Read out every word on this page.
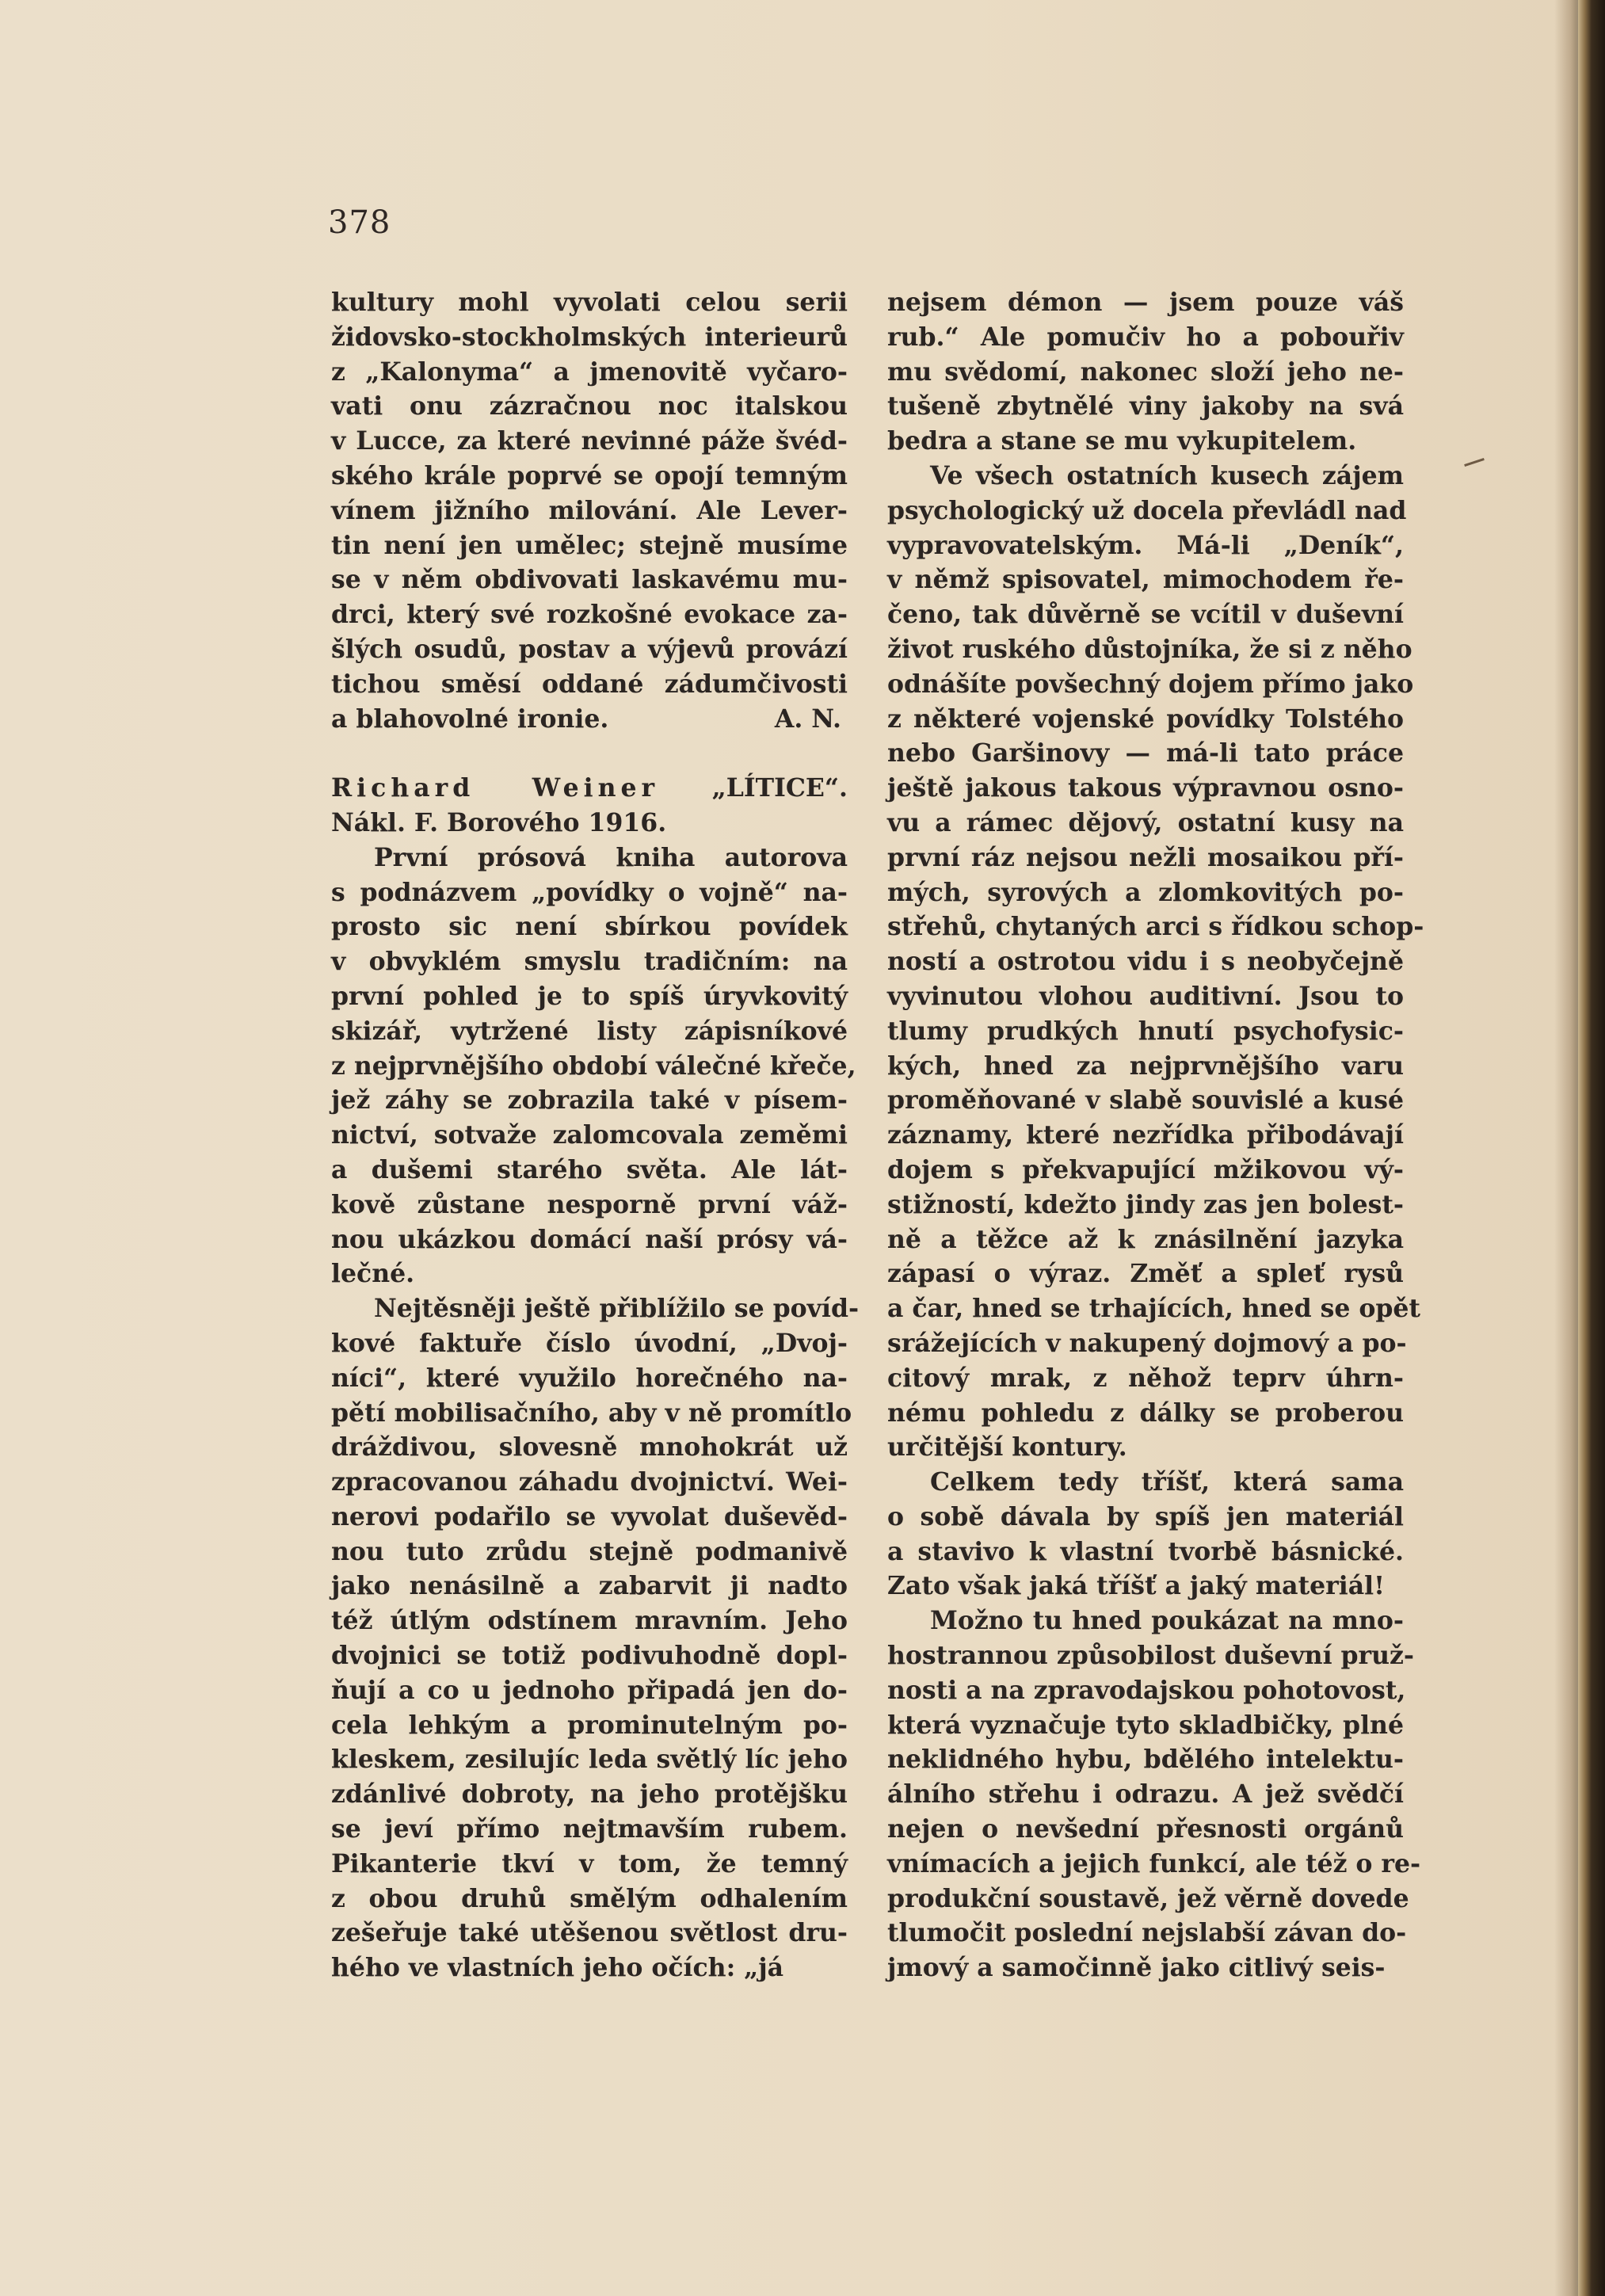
378
kultury mohl vyvolati celou serii
židovsko-stockholmských interieurů
z „Kalonyma“ a jmenovitě vyčaro-
vati onu zázračnou noc italskou
v Lucce, za které nevinné páže švéd-
ského krále poprvé se opojí temným
vínem jižního milování. Ale Lever-
tin není jen umělec; stejně musíme
se v něm obdivovati laskavému mu-
drci, který své rozkošné evokace za-
šlých osudů, postav a výjevů provází
tichou směsí oddané zádumčivosti
a blahovolné ironie.	A. N.
Richard Weiner „LÍTICE“.
Nákl. F. Borového 1916.
První prósová kniha autorova
s podnázvem „povídky o vojně“ na-
prosto sic není sbírkou povídek
v obvyklém smyslu tradičním: na
první pohled je to spíš úryvkovitý
skizář, vytržené listy zápisníkové
z nejprvnějšího období válečné křeče,
jež záhy se zobrazila také v písem-
nictví, sotvaže zalomcovala zeměmi
a dušemi starého světa. Ale lát-
kově zůstane nesporně první váž-
nou ukázkou domácí naší prósy vá-
lečné.
Nejtěsněji ještě přiblížilo se povíd-
kové faktuře číslo úvodní, „Dvoj-
níci“, které využilo horečného na-
pětí mobilisačního, aby v ně promítlo
dráždivou, slovesně mnohokrát už
zpracovanou záhadu dvojnictví. Wei-
nerovi podařilo se vyvolat duševěd-
nou tuto zrůdu stejně podmanivě
jako nenásilně a zabarvit ji nadto
též útlým odstínem mravním. Jeho
dvojnici se totiž podivuhodně dopl-
ňují a co u jednoho připadá jen do-
cela lehkým a prominutelným po-
kleskem, zesilujíc leda světlý líc jeho
zdánlivé dobroty, na jeho protějšku
se jeví přímo nejtmavším rubem.
Pikanterie tkví v tom, že temný
z obou druhů smělým odhalením
zešeřuje také utěšenou světlost dru-
hého ve vlastních jeho očích: „já
nejsem démon — jsem pouze váš
rub.“ Ale pomučiv ho a pobouřiv
mu svědomí, nakonec složí jeho ne-
tušeně zbytnělé viny jakoby na svá
bedra a stane se mu vykupitelem.
Ve všech ostatních kusech zájem
psychologický už docela převládl nad
vypravovatelským. Má-li „Deník“,
v němž spisovatel, mimochodem ře-
čeno, tak důvěrně se vcítil v duševní
život ruského důstojníka, že si z něho
odnášíte povšechný dojem přímo jako
z některé vojenské povídky Tolstého
nebo Garšinovy — má-li tato práce
ještě jakous takous výpravnou osno-
vu a rámec dějový, ostatní kusy na
první ráz nejsou nežli mosaikou pří-
mých, syrových a zlomkovitých po-
střehů, chytaných arci s řídkou schop-
ností a ostrotou vidu i s neobyčejně
vyvinutou vlohou auditivní. Jsou to
tlumy prudkých hnutí psychofysic-
kých, hned za nejprvnějšího varu
proměňované v slabě souvislé a kusé
záznamy, které nezřídka přibodávají
dojem s překvapující mžikovou vý-
stižností, kdežto jindy zas jen bolest-
ně a těžce až k znásilnění jazyka
zápasí o výraz. Změť a spleť rysů
a čar, hned se trhajících, hned se opět
srážejících v nakupený dojmový a po-
citový mrak, z něhož teprv úhrn-
nému pohledu z dálky se proberou
určitější kontury.
Celkem tedy tříšť, která sama
o sobě dávala by spíš jen materiál
a stavivo k vlastní tvorbě básnické.
Zato však jaká tříšť a jaký materiál!
Možno tu hned poukázat na mno-
hostrannou způsobilost duševní pruž-
nosti a na zpravodajskou pohotovost,
která vyznačuje tyto skladbičky, plné
neklidného hybu, bdělého intelektu-
álního střehu i odrazu. A jež svědčí
nejen o nevšední přesnosti orgánů
vnímacích a jejich funkcí, ale též o re-
produkční soustavě, jež věrně dovede
tlumočit poslední nejslabší závan do-
jmový a samočinně jako citlivý seis-
